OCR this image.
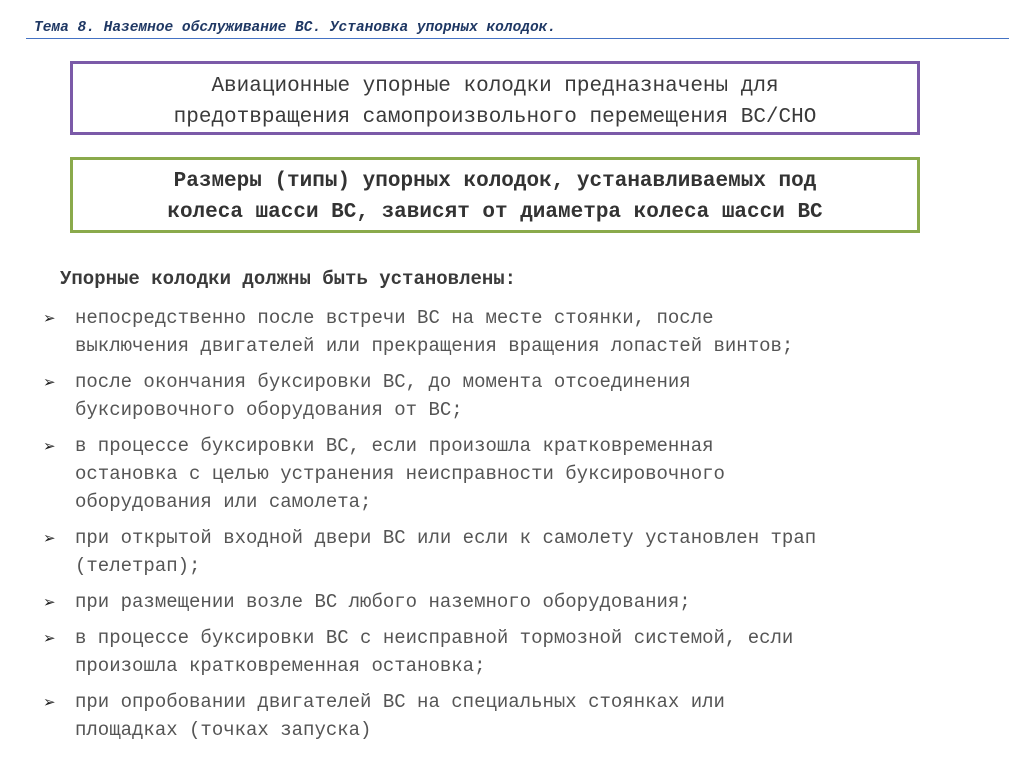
Тема 8. Наземное обслуживание ВС. Установка упорных колодок.
Авиационные упорные колодки предназначены для
предотвращения самопроизвольного перемещения ВС/СНО
Размеры (типы) упорных колодок, устанавливаемых под
колеса шасси ВС, зависят от диаметра колеса шасси ВС
Упорные колодки должны быть установлены:
➢ непосредственно после встречи ВС на месте стоянки, после
выключения двигателей или прекращения вращения лопастей винтов;
➢ после окончания буксировки ВС, до момента отсоединения
буксировочного оборудования от ВС;
➢ в процессе буксировки ВС, если произошла кратковременная
остановка с целью устранения неисправности буксировочного
оборудования или самолета;
➢ при открытой входной двери ВС или если к самолету установлен трап
(телетрап);
➢ при размещении возле ВС любого наземного оборудования;
➢ в процессе буксировки ВС с неисправной тормозной системой, если
произошла кратковременная остановка;
➢ при опробовании двигателей ВС на специальных стоянках или
площадках (точках запуска)
